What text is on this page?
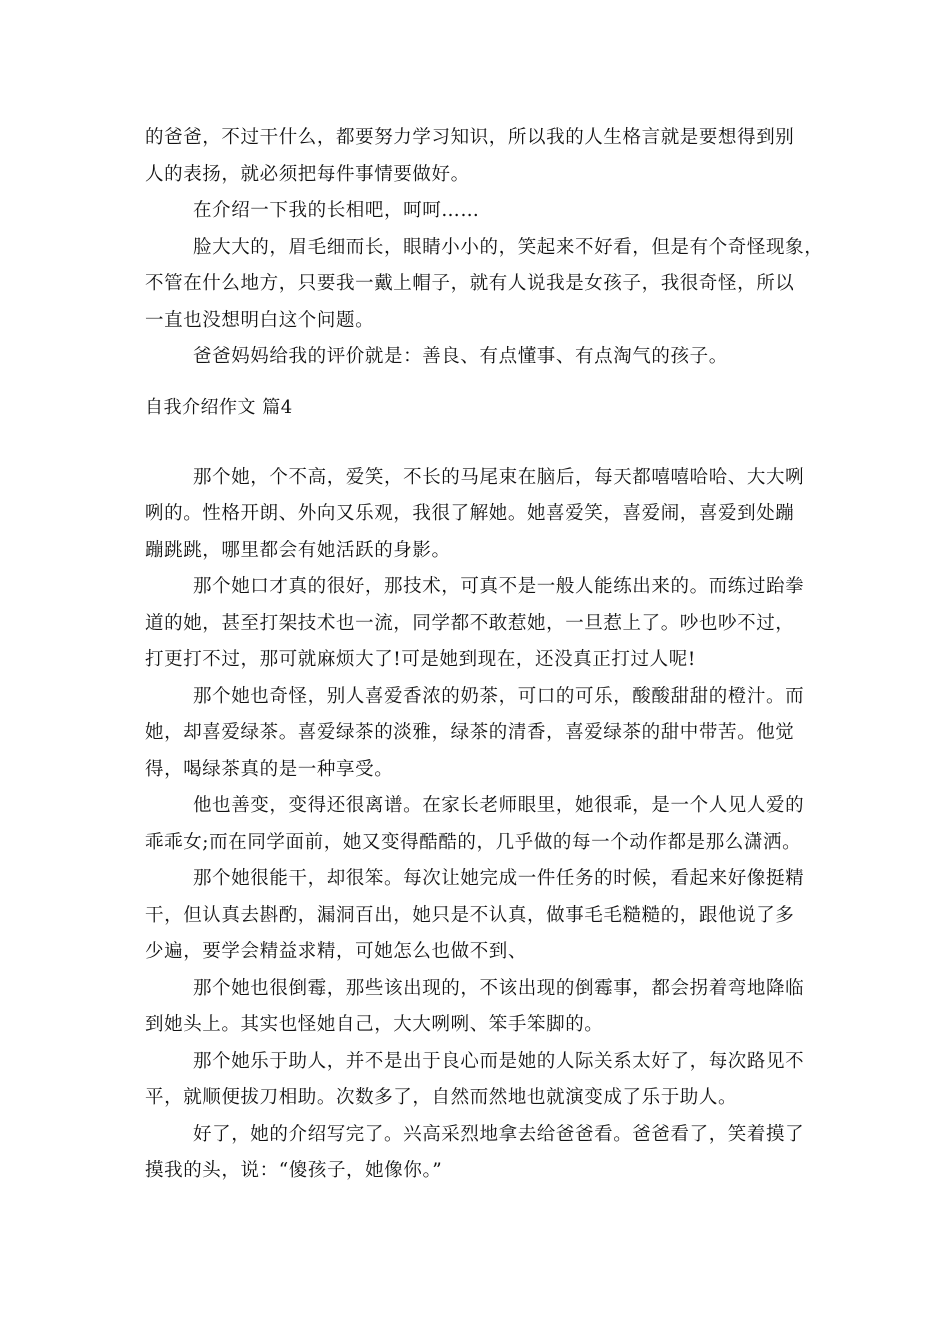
的爸爸，不过干什么，都要努力学习知识，所以我的人生格言就是要想得到别
人的表扬，就必须把每件事情要做好。
在介绍一下我的长相吧，呵呵……
脸大大的，眉毛细而长，眼睛小小的，笑起来不好看，但是有个奇怪现象，
不管在什么地方，只要我一戴上帽子，就有人说我是女孩子，我很奇怪，所以
一直也没想明白这个问题。
爸爸妈妈给我的评价就是：善良、有点懂事、有点淘气的孩子。
自我介绍作文 篇4
那个她，个不高，爱笑，不长的马尾束在脑后，每天都嘻嘻哈哈、大大咧
咧的。性格开朗、外向又乐观，我很了解她。她喜爱笑，喜爱闹，喜爱到处蹦
蹦跳跳，哪里都会有她活跃的身影。
那个她口才真的很好，那技术，可真不是一般人能练出来的。而练过跆拳
道的她，甚至打架技术也一流，同学都不敢惹她，一旦惹上了。吵也吵不过，
打更打不过，那可就麻烦大了!可是她到现在，还没真正打过人呢!
那个她也奇怪，别人喜爱香浓的奶茶，可口的可乐，酸酸甜甜的橙汁。而
她，却喜爱绿茶。喜爱绿茶的淡雅，绿茶的清香，喜爱绿茶的甜中带苦。他觉
得，喝绿茶真的是一种享受。
他也善变，变得还很离谱。在家长老师眼里，她很乖，是一个人见人爱的
乖乖女;而在同学面前，她又变得酷酷的，几乎做的每一个动作都是那么潇洒。
那个她很能干，却很笨。每次让她完成一件任务的时候，看起来好像挺精
干，但认真去斟酌，漏洞百出，她只是不认真，做事毛毛糙糙的，跟他说了多
少遍，要学会精益求精，可她怎么也做不到、
那个她也很倒霉，那些该出现的，不该出现的倒霉事，都会拐着弯地降临
到她头上。其实也怪她自己，大大咧咧、笨手笨脚的。
那个她乐于助人，并不是出于良心而是她的人际关系太好了，每次路见不
平，就顺便拔刀相助。次数多了，自然而然地也就演变成了乐于助人。
好了，她的介绍写完了。兴高采烈地拿去给爸爸看。爸爸看了，笑着摸了
摸我的头，说：“傻孩子，她像你。”
